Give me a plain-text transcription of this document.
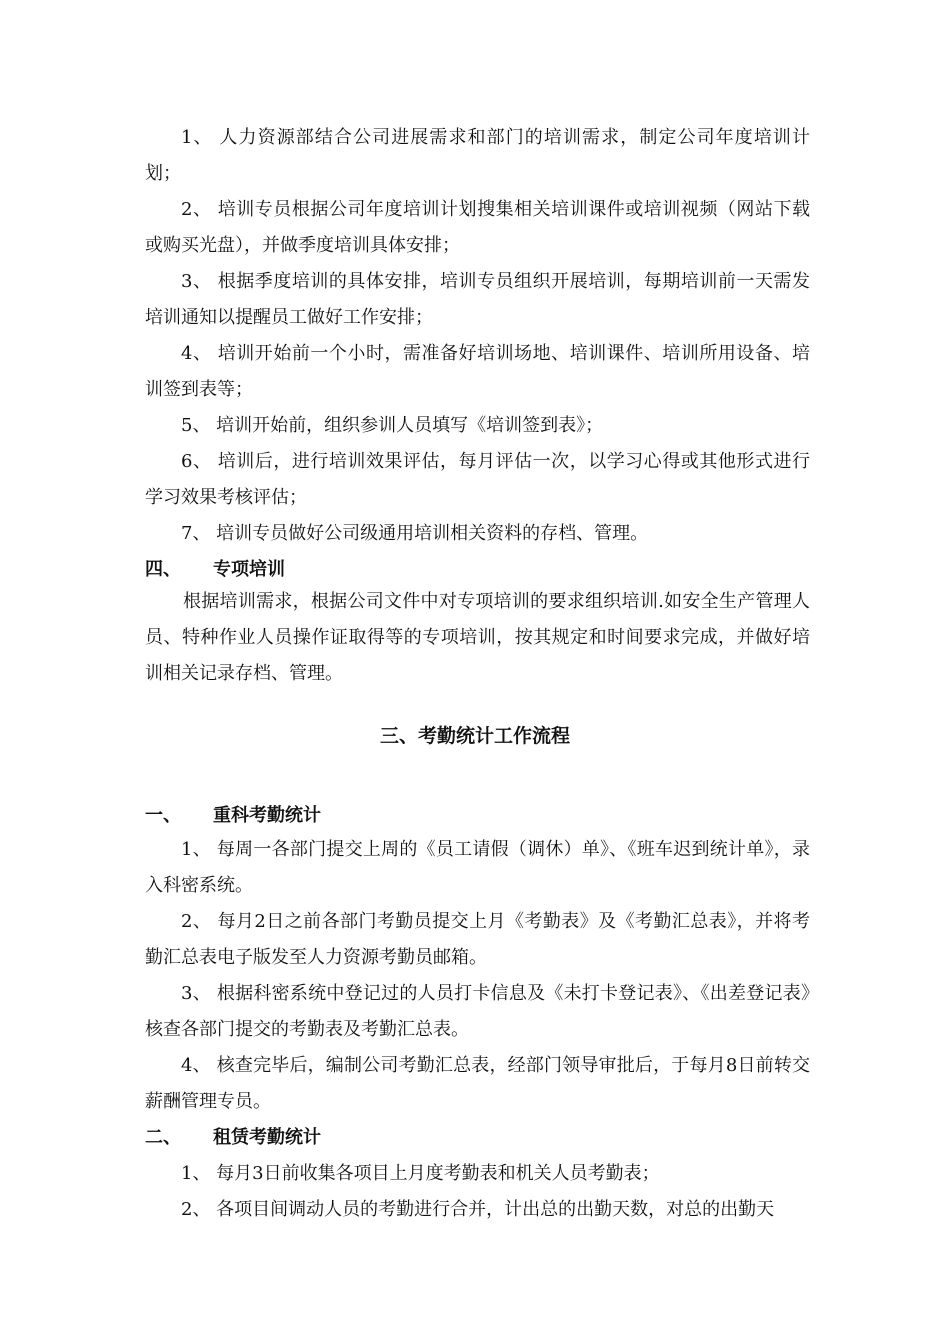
1、 人力资源部结合公司进展需求和部门的培训需求，制定公司年度培训计划；

2、 培训专员根据公司年度培训计划搜集相关培训课件或培训视频（网站下载或购买光盘），并做季度培训具体安排；

3、 根据季度培训的具体安排，培训专员组织开展培训，每期培训前一天需发培训通知以提醒员工做好工作安排；

4、 培训开始前一个小时，需准备好培训场地、培训课件、培训所用设备、培训签到表等；

5、 培训开始前，组织参训人员填写《培训签到表》；

6、 培训后，进行培训效果评估，每月评估一次，以学习心得或其他形式进行学习效果考核评估；

7、 培训专员做好公司级通用培训相关资料的存档、管理。

四、 专项培训

根据培训需求，根据公司文件中对专项培训的要求组织培训.如安全生产管理人员、特种作业人员操作证取得等的专项培训，按其规定和时间要求完成，并做好培训相关记录存档、管理。

三、考勤统计工作流程
一、 重科考勤统计

1、 每周一各部门提交上周的《员工请假（调休）单》、《班车迟到统计单》，录入科密系统。

2、 每月2日之前各部门考勤员提交上月《考勤表》及《考勤汇总表》，并将考勤汇总表电子版发至人力资源考勤员邮箱。

3、 根据科密系统中登记过的人员打卡信息及《未打卡登记表》、《出差登记表》核查各部门提交的考勤表及考勤汇总表。

4、 核查完毕后，编制公司考勤汇总表，经部门领导审批后，于每月8日前转交薪酬管理专员。

二、 租赁考勤统计

1、 每月3日前收集各项目上月度考勤表和机关人员考勤表；

2、 各项目间调动人员的考勤进行合并，计出总的出勤天数，对总的出勤天
